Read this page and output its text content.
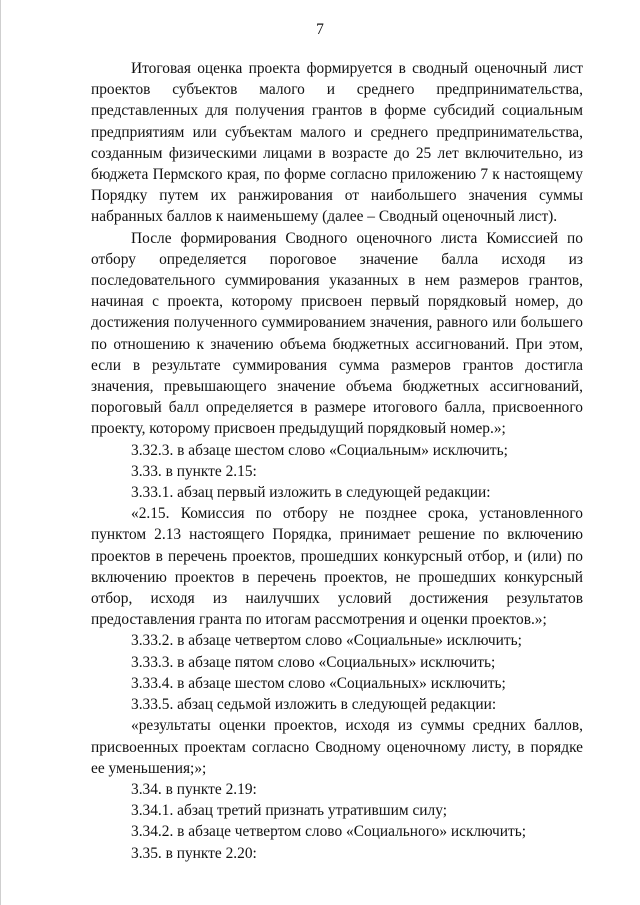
7

Итоговая оценка проекта формируется в сводный оценочный лист проектов субъектов малого и среднего предпринимательства, представленных для получения грантов в форме субсидий социальным предприятиям или субъектам малого и среднего предпринимательства, созданным физическими лицами в возрасте до 25 лет включительно, из бюджета Пермского края, по форме согласно приложению 7 к настоящему Порядку путем их ранжирования от наибольшего значения суммы набранных баллов к наименьшему (далее – Сводный оценочный лист).

После формирования Сводного оценочного листа Комиссией по отбору определяется пороговое значение балла исходя из последовательного суммирования указанных в нем размеров грантов, начиная с проекта, которому присвоен первый порядковый номер, до достижения полученного суммированием значения, равного или большего по отношению к значению объема бюджетных ассигнований. При этом, если в результате суммирования сумма размеров грантов достигла значения, превышающего значение объема бюджетных ассигнований, пороговый балл определяется в размере итогового балла, присвоенного проекту, которому присвоен предыдущий порядковый номер.»;

3.32.3. в абзаце шестом слово «Социальным» исключить;

3.33. в пункте 2.15:

3.33.1. абзац первый изложить в следующей редакции:

«2.15. Комиссия по отбору не позднее срока, установленного пунктом 2.13 настоящего Порядка, принимает решение по включению проектов в перечень проектов, прошедших конкурсный отбор, и (или) по включению проектов в перечень проектов, не прошедших конкурсный отбор, исходя из наилучших условий достижения результатов предоставления гранта по итогам рассмотрения и оценки проектов.»;

3.33.2. в абзаце четвертом слово «Социальные» исключить;

3.33.3. в абзаце пятом слово «Социальных» исключить;

3.33.4. в абзаце шестом слово «Социальных» исключить;

3.33.5. абзац седьмой изложить в следующей редакции:

«результаты оценки проектов, исходя из суммы средних баллов, присвоенных проектам согласно Сводному оценочному листу, в порядке ее уменьшения;»;

3.34. в пункте 2.19:

3.34.1. абзац третий признать утратившим силу;

3.34.2. в абзаце четвертом слово «Социального» исключить;

3.35. в пункте 2.20:
